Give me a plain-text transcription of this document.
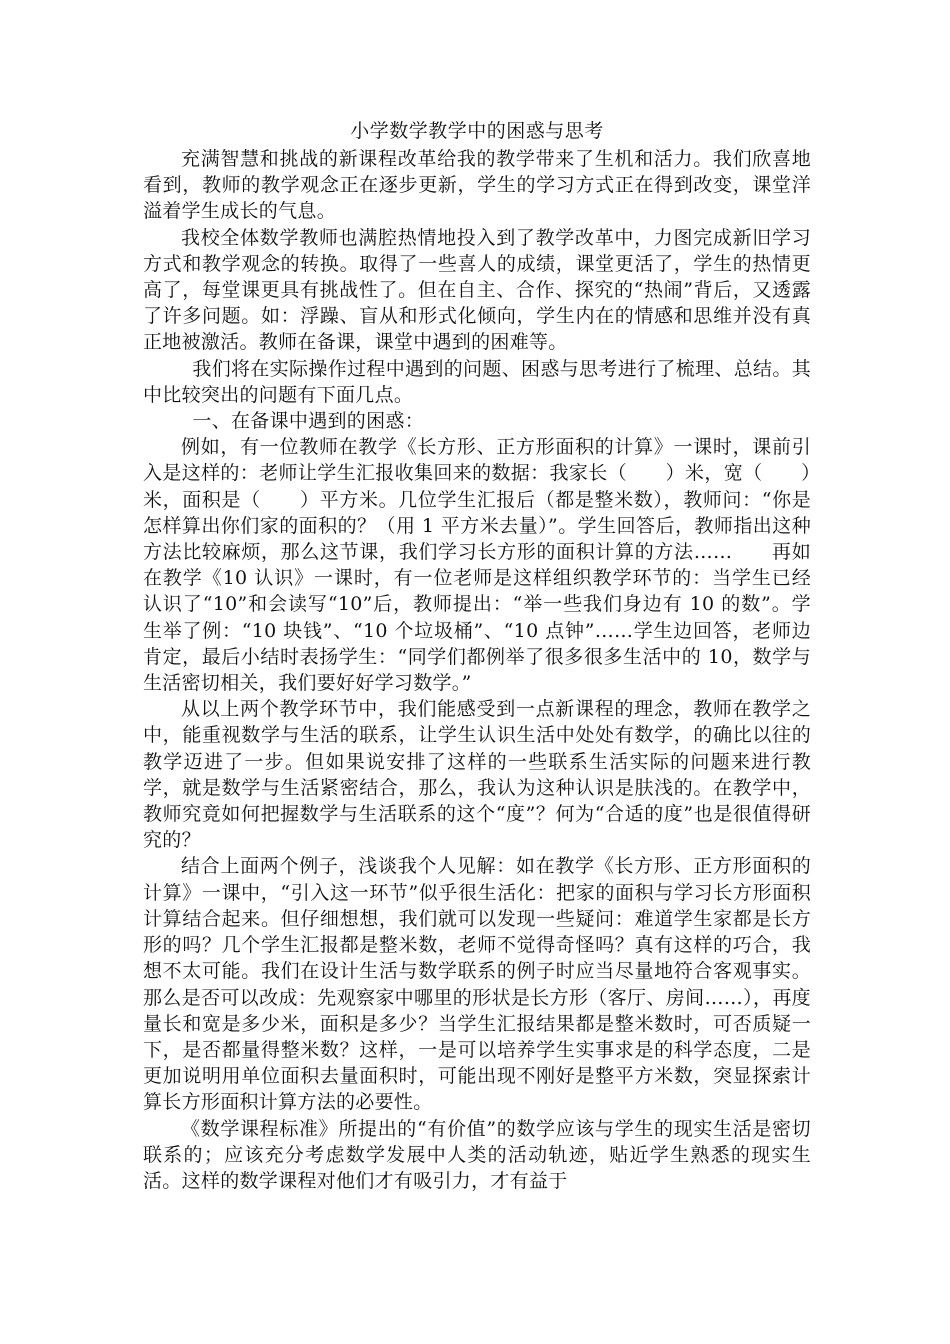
小学数学教学中的困惑与思考

充满智慧和挑战的新课程改革给我的教学带来了生机和活力。我们欣喜地看到，教师的教学观念正在逐步更新，学生的学习方式正在得到改变，课堂洋溢着学生成长的气息。

我校全体数学教师也满腔热情地投入到了教学改革中，力图完成新旧学习方式和教学观念的转换。取得了一些喜人的成绩，课堂更活了，学生的热情更高了，每堂课更具有挑战性了。但在自主、合作、探究的“热闹”背后，又透露了许多问题。如：浮躁、盲从和形式化倾向，学生内在的情感和思维并没有真正地被激活。教师在备课，课堂中遇到的困难等。

我们将在实际操作过程中遇到的问题、困惑与思考进行了梳理、总结。其中比较突出的问题有下面几点。

一、在备课中遇到的困惑：

例如，有一位教师在教学《长方形、正方形面积的计算》一课时，课前引入是这样的：老师让学生汇报收集回来的数据：我家长（　　）米，宽（　　）米，面积是（　　）平方米。几位学生汇报后（都是整米数），教师问：“你是怎样算出你们家的面积的？（用 1 平方米去量）”。学生回答后，教师指出这种方法比较麻烦，那么这节课，我们学习长方形的面积计算的方法……　　再如在教学《10 认识》一课时，有一位老师是这样组织教学环节的：当学生已经认识了“10”和会读写“10”后，教师提出：“举一些我们身边有 10 的数”。学生举了例：“10 块钱”、“10 个垃圾桶”、“10 点钟”……学生边回答，老师边肯定，最后小结时表扬学生：“同学们都例举了很多很多生活中的 10，数学与生活密切相关，我们要好好学习数学。”

从以上两个教学环节中，我们能感受到一点新课程的理念，教师在教学之中，能重视数学与生活的联系，让学生认识生活中处处有数学，的确比以往的教学迈进了一步。但如果说安排了这样的一些联系生活实际的问题来进行教学，就是数学与生活紧密结合，那么，我认为这种认识是肤浅的。在教学中，教师究竟如何把握数学与生活联系的这个“度”？何为“合适的度”也是很值得研究的？

结合上面两个例子，浅谈我个人见解：如在教学《长方形、正方形面积的计算》一课中，“引入这一环节”似乎很生活化：把家的面积与学习长方形面积计算结合起来。但仔细想想，我们就可以发现一些疑问：难道学生家都是长方形的吗？几个学生汇报都是整米数，老师不觉得奇怪吗？真有这样的巧合，我想不太可能。我们在设计生活与数学联系的例子时应当尽量地符合客观事实。那么是否可以改成：先观察家中哪里的形状是长方形（客厅、房间……），再度量长和宽是多少米，面积是多少？当学生汇报结果都是整米数时，可否质疑一下，是否都量得整米数？这样，一是可以培养学生实事求是的科学态度，二是更加说明用单位面积去量面积时，可能出现不刚好是整平方米数，突显探索计算长方形面积计算方法的必要性。

《数学课程标准》所提出的“有价值”的数学应该与学生的现实生活是密切联系的；应该充分考虑数学发展中人类的活动轨迹，贴近学生熟悉的现实生活。这样的数学课程对他们才有吸引力，才有益于
